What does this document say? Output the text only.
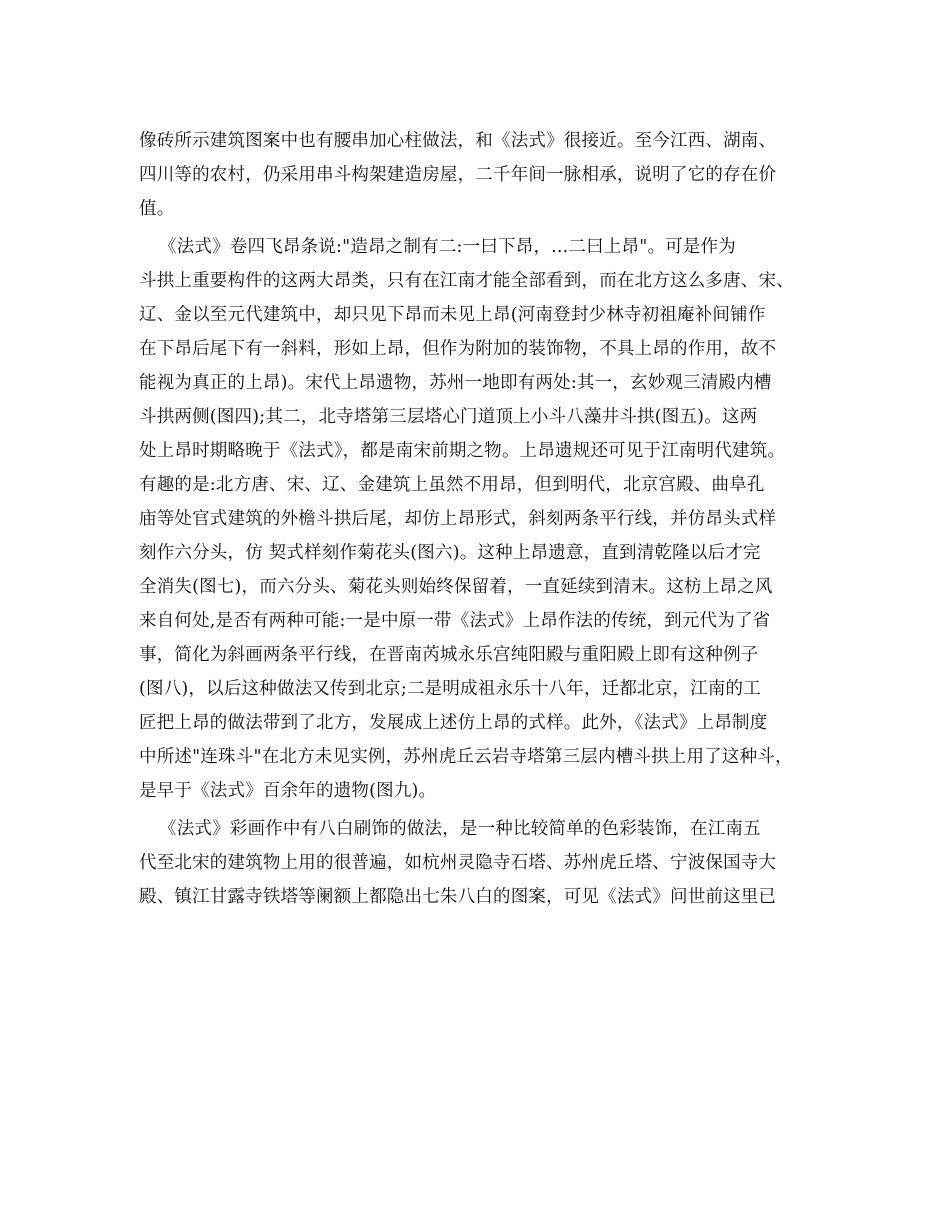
像砖所示建筑图案中也有腰串加心柱做法，和《法式》很接近。至今江西、湖南、
四川等的农村，仍采用串斗构架建造房屋，二千年间一脉相承，说明了它的存在价
值。
《法式》卷四飞昂条说:"造昂之制有二:一曰下昂，...二曰上昂"。可是作为
斗拱上重要构件的这两大昂类，只有在江南才能全部看到，而在北方这么多唐、宋、
辽、金以至元代建筑中，却只见下昂而未见上昂(河南登封少林寺初祖庵补间铺作
在下昂后尾下有一斜料，形如上昂，但作为附加的装饰物，不具上昂的作用，故不
能视为真正的上昂)。宋代上昂遗物，苏州一地即有两处:其一，玄妙观三清殿内槽
斗拱两侧(图四);其二，北寺塔第三层塔心门道顶上小斗八藻井斗拱(图五)。这两
处上昂时期略晚于《法式》，都是南宋前期之物。上昂遗规还可见于江南明代建筑。
有趣的是:北方唐、宋、辽、金建筑上虽然不用昂，但到明代，北京宫殿、曲阜孔
庙等处官式建筑的外檐斗拱后尾，却仿上昂形式，斜刻两条平行线，并仿昂头式样
刻作六分头，仿 契式样刻作菊花头(图六)。这种上昂遗意，直到清乾隆以后才完
全消失(图七)，而六分头、菊花头则始终保留着，一直延续到清末。这枋上昂之风
来自何处,是否有两种可能:一是中原一带《法式》上昂作法的传统，到元代为了省
事，简化为斜画两条平行线，在晋南芮城永乐宫纯阳殿与重阳殿上即有这种例子
(图八)，以后这种做法又传到北京;二是明成祖永乐十八年，迁都北京，江南的工
匠把上昂的做法带到了北方，发展成上述仿上昂的式样。此外，《法式》上昂制度
中所述"连珠斗"在北方未见实例，苏州虎丘云岩寺塔第三层内槽斗拱上用了这种斗，
是早于《法式》百余年的遗物(图九)。
《法式》彩画作中有八白刷饰的做法，是一种比较简单的色彩装饰，在江南五
代至北宋的建筑物上用的很普遍，如杭州灵隐寺石塔、苏州虎丘塔、宁波保国寺大
殿、镇江甘露寺铁塔等阑额上都隐出七朱八白的图案，可见《法式》问世前这里已
